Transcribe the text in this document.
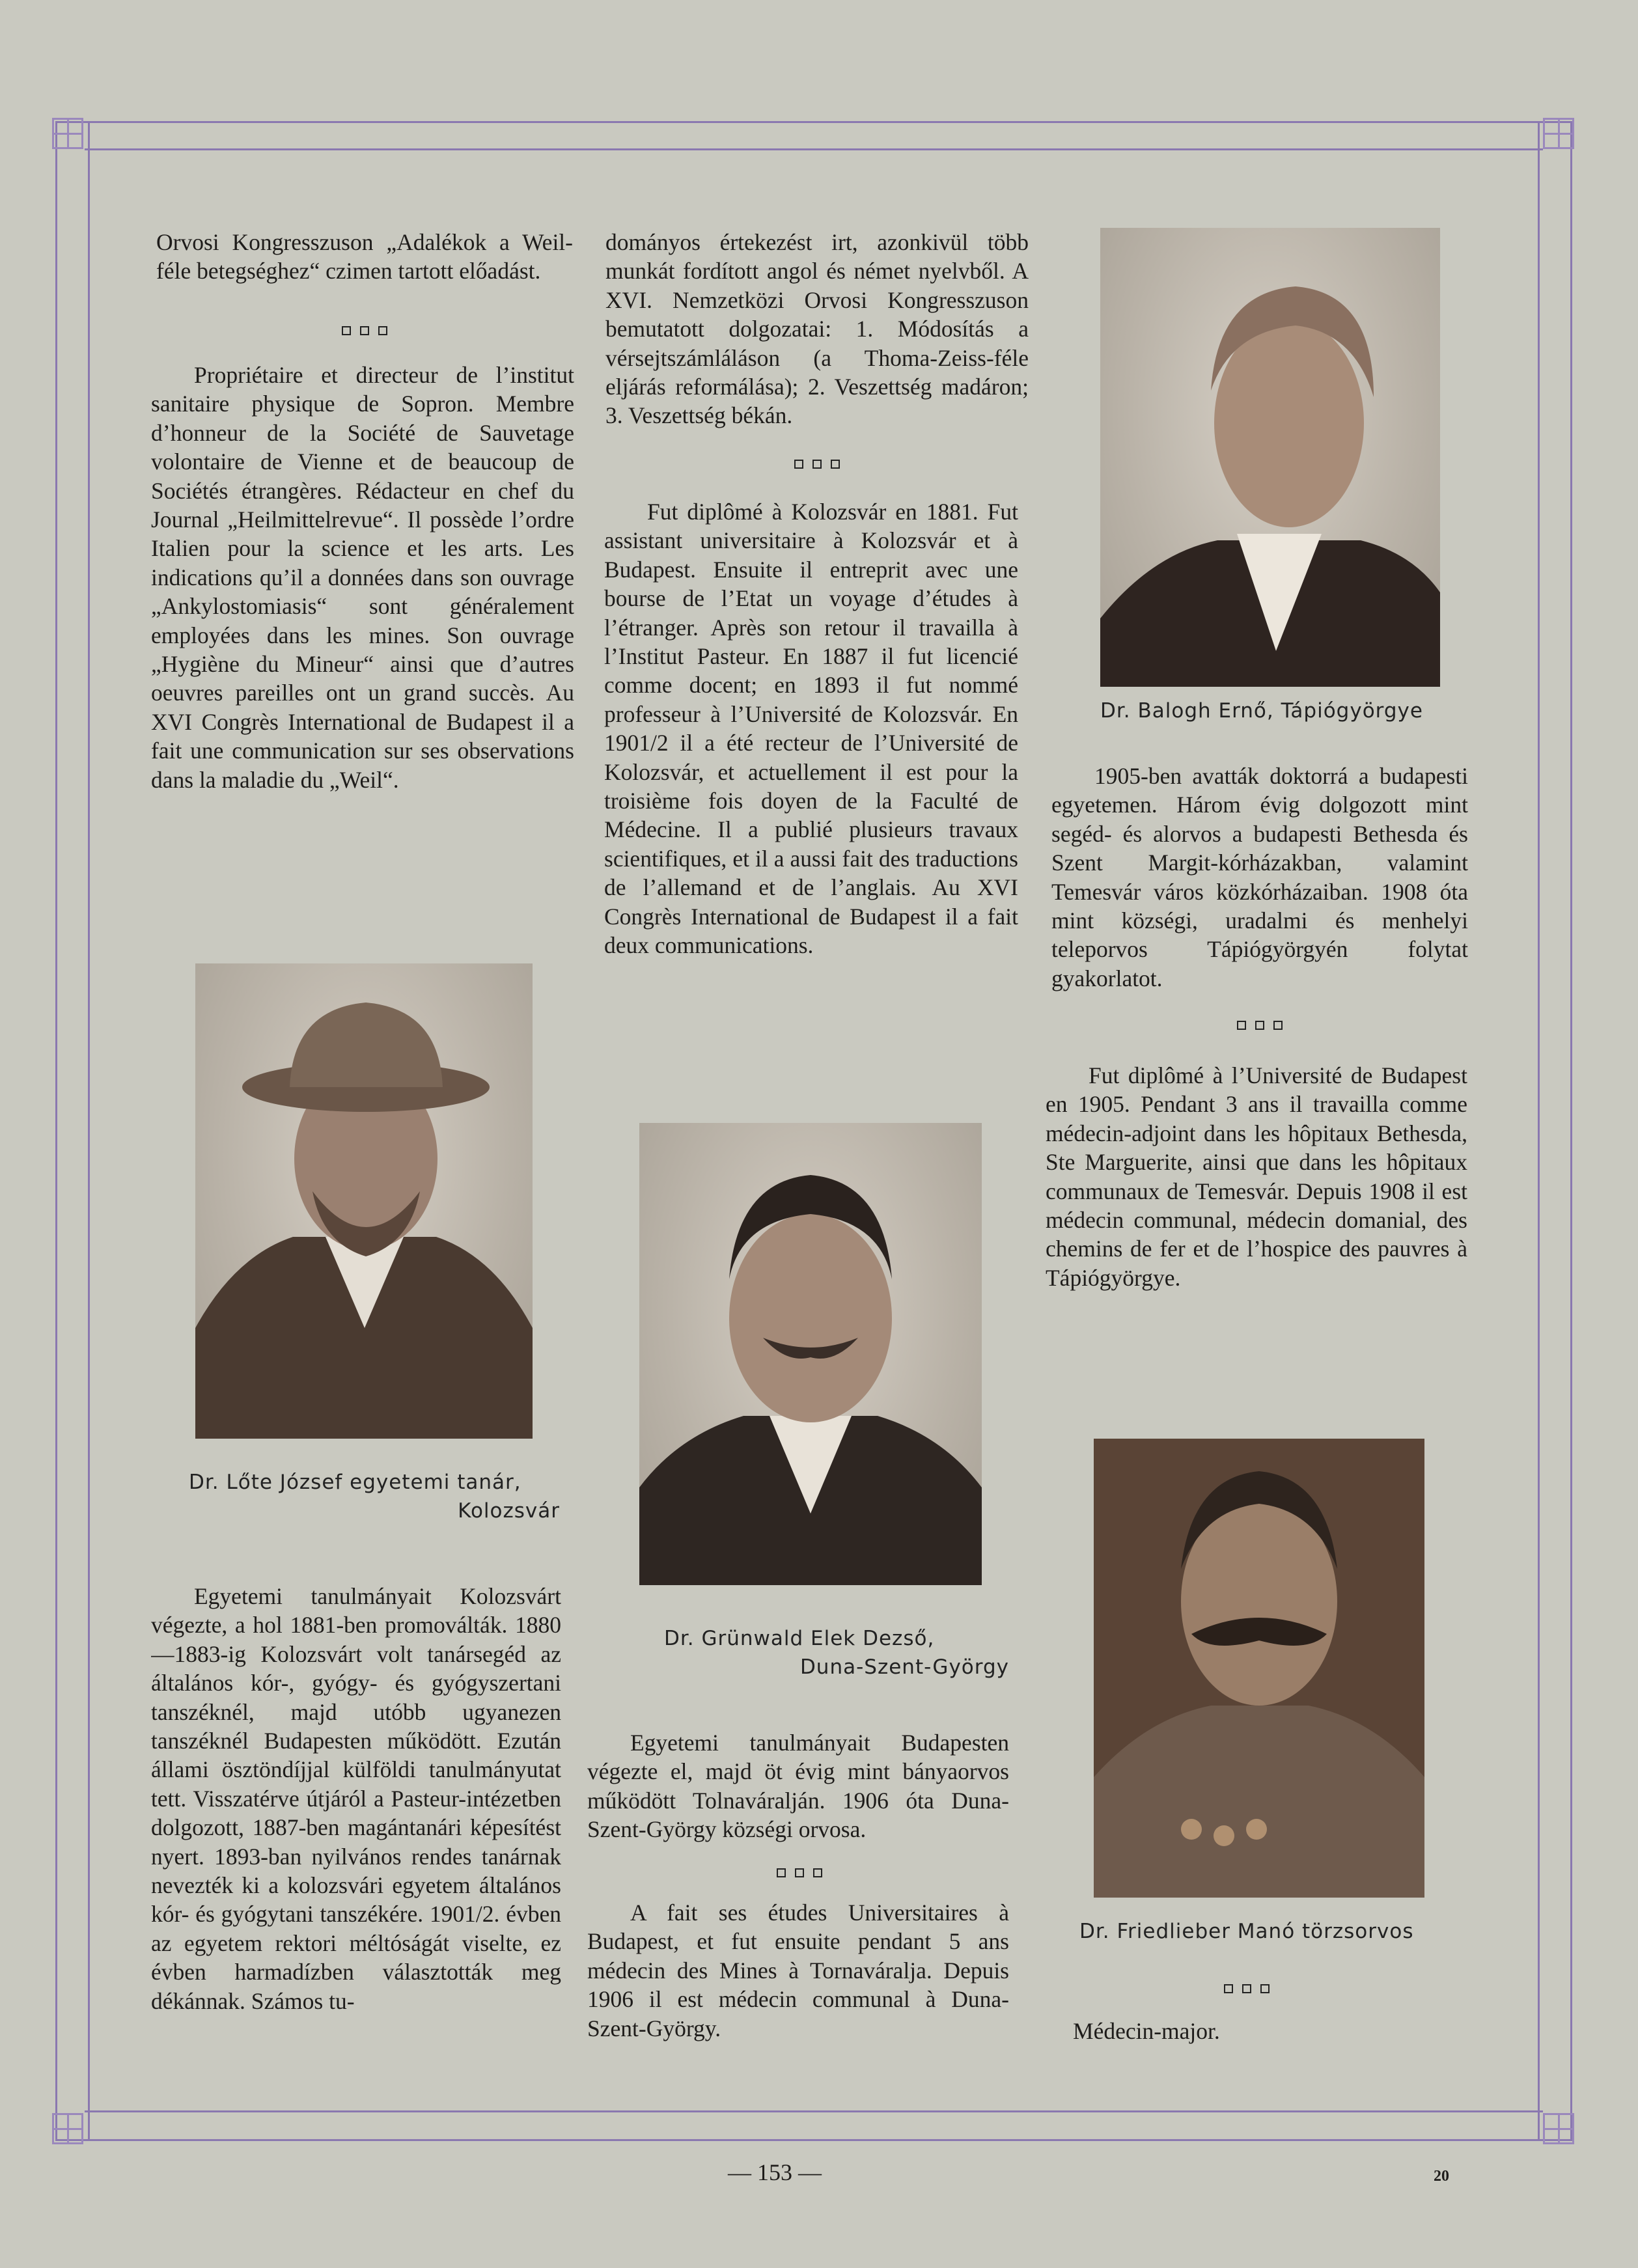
Orvosi Kongresszuson „Adalékok a Weil-féle betegséghez“ czimen tartott előadást.

Propriétaire et directeur de l’institut sanitaire physique de Sopron. Membre d’honneur de la Société de Sauvetage volontaire de Vienne et de beaucoup de Sociétés étrangères. Rédacteur en chef du Journal „Heilmittelrevue“. Il possède l’ordre Italien pour la science et les arts. Les indications qu’il a données dans son ouvrage „Ankylostomiasis“ sont généralement employées dans les mines. Son ouvrage „Hygiène du Mineur“ ainsi que d’autres oeuvres pareilles ont un grand succès. Au XVI Congrès International de Budapest il a fait une communication sur ses observations dans la maladie du „Weil“.

Dr. Lőte József egyetemi tanár,
Kolozsvár

Egyetemi tanulmányait Kolozsvárt végezte, a hol 1881-ben promoválták. 1880—1883-ig Kolozsvárt volt tanársegéd az általános kór-, gyógy- és gyógyszertani tanszéknél, majd utóbb ugyanezen tanszéknél Budapesten működött. Ezután állami ösztöndíjjal külföldi tanulmányutat tett. Visszatérve útjáról a Pasteur-intézetben dolgozott, 1887-ben magántanári képesítést nyert. 1893-ban nyilvános rendes tanárnak nevezték ki a kolozsvári egyetem általános kór- és gyógytani tanszékére. 1901/2. évben az egyetem rektori méltóságát viselte, ez évben harmadízben választották meg dékánnak. Számos tu-

dományos értekezést irt, azonkivül több munkát fordított angol és német nyelvből. A XVI. Nemzetközi Orvosi Kongresszuson bemutatott dolgozatai: 1. Módosítás a vérsejtszámláláson (a Thoma-Zeiss-féle eljárás reformálása); 2. Veszettség madáron; 3. Veszettség békán.

Fut diplômé à Kolozsvár en 1881. Fut assistant universitaire à Kolozsvár et à Budapest. Ensuite il entreprit avec une bourse de l’Etat un voyage d’études à l’étranger. Après son retour il travailla à l’Institut Pasteur. En 1887 il fut licencié comme docent; en 1893 il fut nommé professeur à l’Université de Kolozsvár. En 1901/2 il a été recteur de l’Université de Kolozsvár, et actuellement il est pour la troisième fois doyen de la Faculté de Médecine. Il a publié plusieurs travaux scientifiques, et il a aussi fait des traductions de l’allemand et de l’anglais. Au XVI Congrès International de Budapest il a fait deux communications.

Dr. Grünwald Elek Dezső,
Duna-Szent-György

Egyetemi tanulmányait Budapesten végezte el, majd öt évig mint bányaorvos működött Tolnaváralján. 1906 óta Duna-Szent-György községi orvosa.

A fait ses études Universitaires à Budapest, et fut ensuite pendant 5 ans médecin des Mines à Tornaváralja. Depuis 1906 il est médecin communal à Duna-Szent-György.

Dr. Balogh Ernő, Tápiógyörgye

1905-ben avatták doktorrá a budapesti egyetemen. Három évig dolgozott mint segéd- és alorvos a budapesti Bethesda és Szent Margit-kórházakban, valamint Temesvár város közkórházaiban. 1908 óta mint községi, uradalmi és menhelyi teleporvos Tápiógyörgyén folytat gyakorlatot.

Fut diplômé à l’Université de Budapest en 1905. Pendant 3 ans il travailla comme médecin-adjoint dans les hôpitaux Bethesda, Ste Marguerite, ainsi que dans les hôpitaux communaux de Temesvár. Depuis 1908 il est médecin communal, médecin domanial, des chemins de fer et de l’hospice des pauvres à Tápiógyörgye.

Dr. Friedlieber Manó törzsorvos

Médecin-major.

— 153 —	20
